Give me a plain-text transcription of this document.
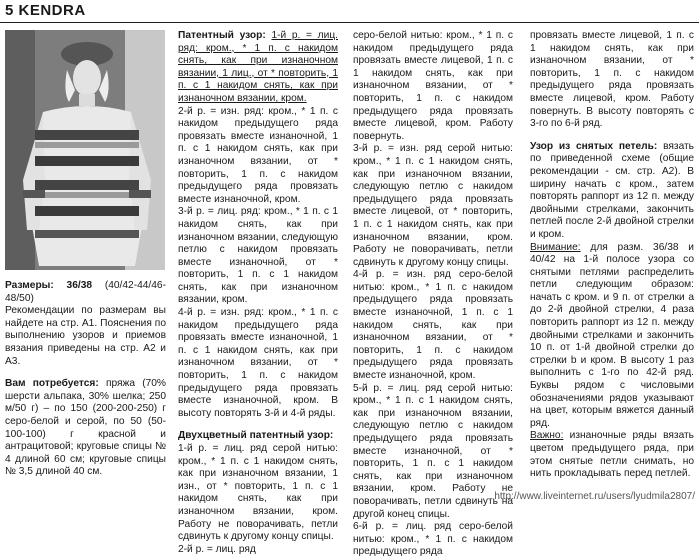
5 KENDRA

Размеры: 36/38 (40/42-44/46-48/50)

Рекомендации по размерам вы найдете на стр. А1. Пояснения по выполнению узоров и приемов вязания приведены на стр. А2 и А3.

Вам потребуется: пряжа (70% шерсти альпака, 30% шелка; 250 м/50 г) – по 150 (200-200-250) г серо-белой и серой, по 50 (50-100-100) г красной и антрацитовой; круговые спицы № 4 длиной 60 см; круговые спицы № 3,5 длиной 40 см.

Патентный узор: 1-й р. = лиц. ряд: кром., * 1 п. с накидом снять, как при изнаночном вязании, 1 лиц., от * повторить, 1 п. с 1 накидом снять, как при изнаночном вязании, кром.

2-й р. = изн. ряд: кром., * 1 п. с накидом предыдущего ряда провязать вместе изнаночной, 1 п. с 1 накидом снять, как при изнаночном вязании, от * повторить, 1 п. с накидом предыдущего ряда провязать вместе изнаночной, кром.

3-й р. = лиц. ряд: кром., * 1 п. с 1 накидом снять, как при изнаночном вязании, следующую петлю с накидом провязать вместе изнаночной, от * повторить, 1 п. с 1 накидом снять, как при изнаночном вязании, кром.

4-й р. = изн. ряд: кром., * 1 п. с накидом предыдущего ряда провязать вместе изнаночной, 1 п. с 1 накидом снять, как при изнаночном вязании, от * повторить, 1 п. с накидом предыдущего ряда провязать вместе изнаночной, кром. В высоту повторять 3-й и 4-й ряды.

Двухцветный патентный узор:

1-й р. = лиц. ряд серой нитью: кром., * 1 п. с 1 накидом снять, как при изнаночном вязании, 1 изн., от * повторить, 1 п. с 1 накидом снять, как при изнаночном вязании, кром. Работу не поворачивать, петли сдвинуть к другому концу спицы.

2-й р. = лиц. ряд

серо-белой нитью: кром., * 1 п. с накидом предыдущего ряда провязать вместе лицевой, 1 п. с 1 накидом снять, как при изнаночном вязании, от * повторить, 1 п. с накидом предыдущего ряда провязать вместе лицевой, кром. Работу повернуть.

3-й р. = изн. ряд серой нитью: кром., * 1 п. с 1 накидом снять, как при изнаночном вязании, следующую петлю с накидом предыдущего ряда провязать вместе лицевой, от * повторить, 1 п. с 1 накидом снять, как при изнаночном вязании, кром. Работу не поворачивать, петли сдвинуть к другому концу спицы.

4-й р. = изн. ряд серо-белой нитью: кром., * 1 п. с накидом предыдущего ряда провязать вместе изнаночной, 1 п. с 1 накидом снять, как при изнаночном вязании, от * повторить, 1 п. с накидом предыдущего ряда провязать вместе изнаночной, кром.

5-й р. = лиц. ряд серой нитью: кром., * 1 п. с 1 накидом снять, как при изнаночном вязании, следующую петлю с накидом предыдущего ряда провязать вместе изнаночной, от * повторить, 1 п. с 1 накидом снять, как при изнаночном вязании, кром. Работу не поворачивать, петли сдвинуть на другой конец спицы.

6-й р. = лиц. ряд серо-белой нитью: кром., * 1 п. с накидом предыдущего ряда

провязать вместе лицевой, 1 п. с 1 накидом снять, как при изнаночном вязании, от * повторить, 1 п. с накидом предыдущего ряда провязать вместе лицевой, кром. Работу повернуть. В высоту повторять с 3-го по 6-й ряд.

Узор из снятых петель: вязать по приведенной схеме (общие рекомендации - см. стр. А2). В ширину начать с кром., затем повторять раппорт из 12 п. между двойными стрелками, закончить петлей после 2-й двойной стрелки и кром.

Внимание: для разм. 36/38 и 40/42 на 1-й полосе узора со снятыми петлями распределить петли следующим образом: начать с кром. и 9 п. от стрелки а до 2-й двойной стрелки, 4 раза повторить раппорт из 12 п. между двойными стрелками и закончить 10 п. от 1-й двойной стрелки до стрелки b и кром. В высоту 1 раз выполнить с 1-го по 42-й ряд. Буквы рядом с числовыми обозначениями рядов указывают на цвет, которым вяжется данный ряд.

Важно: изнаночные ряды вязать цветом предыдущего ряда, при этом снятые петли снимать, но нить прокладывать перед петлей.

http://www.liveinternet.ru/users/lyudmila2807/
